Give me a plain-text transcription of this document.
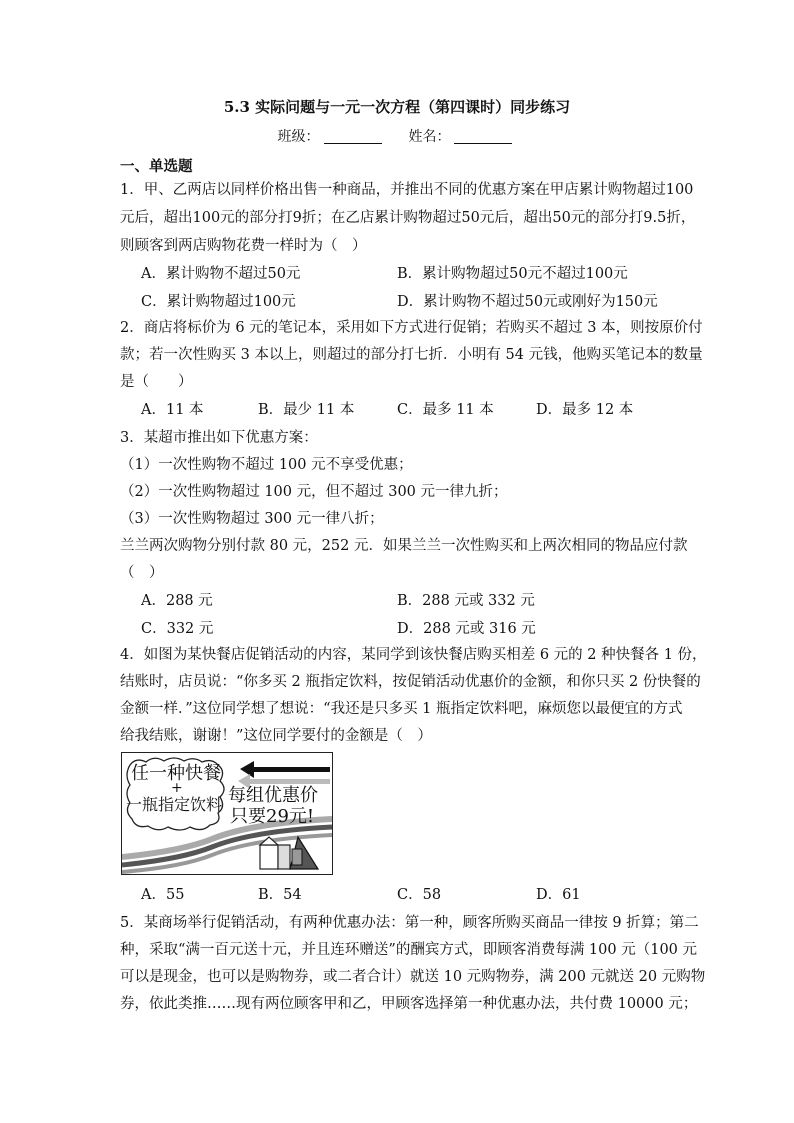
5.3 实际问题与一元一次方程（第四课时）同步练习
班级：	姓名：
一、单选题
1．甲、乙两店以同样价格出售一种商品，并推出不同的优惠方案在甲店累计购物超过100
元后，超出100元的部分打9折；在乙店累计购物超过50元后，超出50元的部分打9.5折，
则顾客到两店购物花费一样时为（　）
A．累计购物不超过50元	B．累计购物超过50元不超过100元
C．累计购物超过100元	D．累计购物不超过50元或刚好为150元
2．商店将标价为 6 元的笔记本，采用如下方式进行促销；若购买不超过 3 本，则按原价付
款；若一次性购买 3 本以上，则超过的部分打七折．小明有 54 元钱，他购买笔记本的数量
是（　　）
A．11 本	B．最少 11 本	C．最多 11 本	D．最多 12 本
3．某超市推出如下优惠方案：
（1）一次性购物不超过 100 元不享受优惠；
（2）一次性购物超过 100 元，但不超过 300 元一律九折；
（3）一次性购物超过 300 元一律八折；
兰兰两次购物分别付款 80 元，252 元．如果兰兰一次性购买和上两次相同的物品应付款
（　）
A．288 元	B．288 元或 332 元
C．332 元	D．288 元或 316 元
4．如图为某快餐店促销活动的内容，某同学到该快餐店购买相差 6 元的 2 种快餐各 1 份，
结账时，店员说：“你多买 2 瓶指定饮料，按促销活动优惠价的金额，和你只买 2 份快餐的
金额一样．”这位同学想了想说：“我还是只多买 1 瓶指定饮料吧，麻烦您以最便宜的方式
给我结账，谢谢！”这位同学要付的金额是（　）
任一种快餐
+
一瓶指定饮料 每组优惠价
只要29元!
A．55	B．54	C．58	D．61
5．某商场举行促销活动，有两种优惠办法：第一种，顾客所购买商品一律按 9 折算；第二
种，采取“满一百元送十元，并且连环赠送”的酬宾方式，即顾客消费每满 100 元（100 元
可以是现金，也可以是购物券，或二者合计）就送 10 元购物券，满 200 元就送 20 元购物
券，依此类推……现有两位顾客甲和乙，甲顾客选择第一种优惠办法，共付费 10000 元；
